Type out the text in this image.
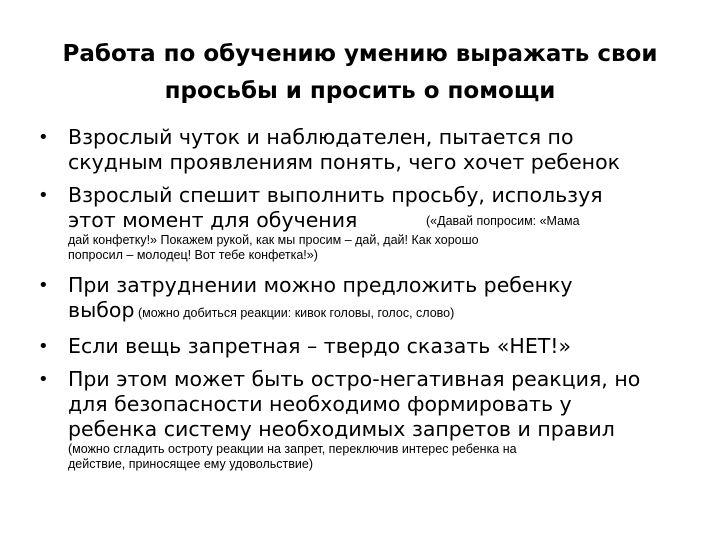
Работа по обучению умению выражать свои
просьбы и просить о помощи
• Взрослый чуток и наблюдателен, пытается по
скудным проявлениям понять, чего хочет ребенок
• Взрослый спешит выполнить просьбу, используя
этот момент для обучения	(«Давай попросим: «Мама
дай конфетку!» Покажем рукой, как мы просим – дай, дай! Как хорошо
попросил – молодец! Вот тебе конфетка!»)
• При затруднении можно предложить ребенку
выбор (можно добиться реакции: кивок головы, голос, слово)
• Если вещь запретная – твердо сказать «НЕТ!»
• При этом может быть остро-негативная реакция, но
для безопасности необходимо формировать у
ребенка систему необходимых запретов и правил
(можно сгладить остроту реакции на запрет, переключив интерес ребенка на
действие, приносящее ему удовольствие)
